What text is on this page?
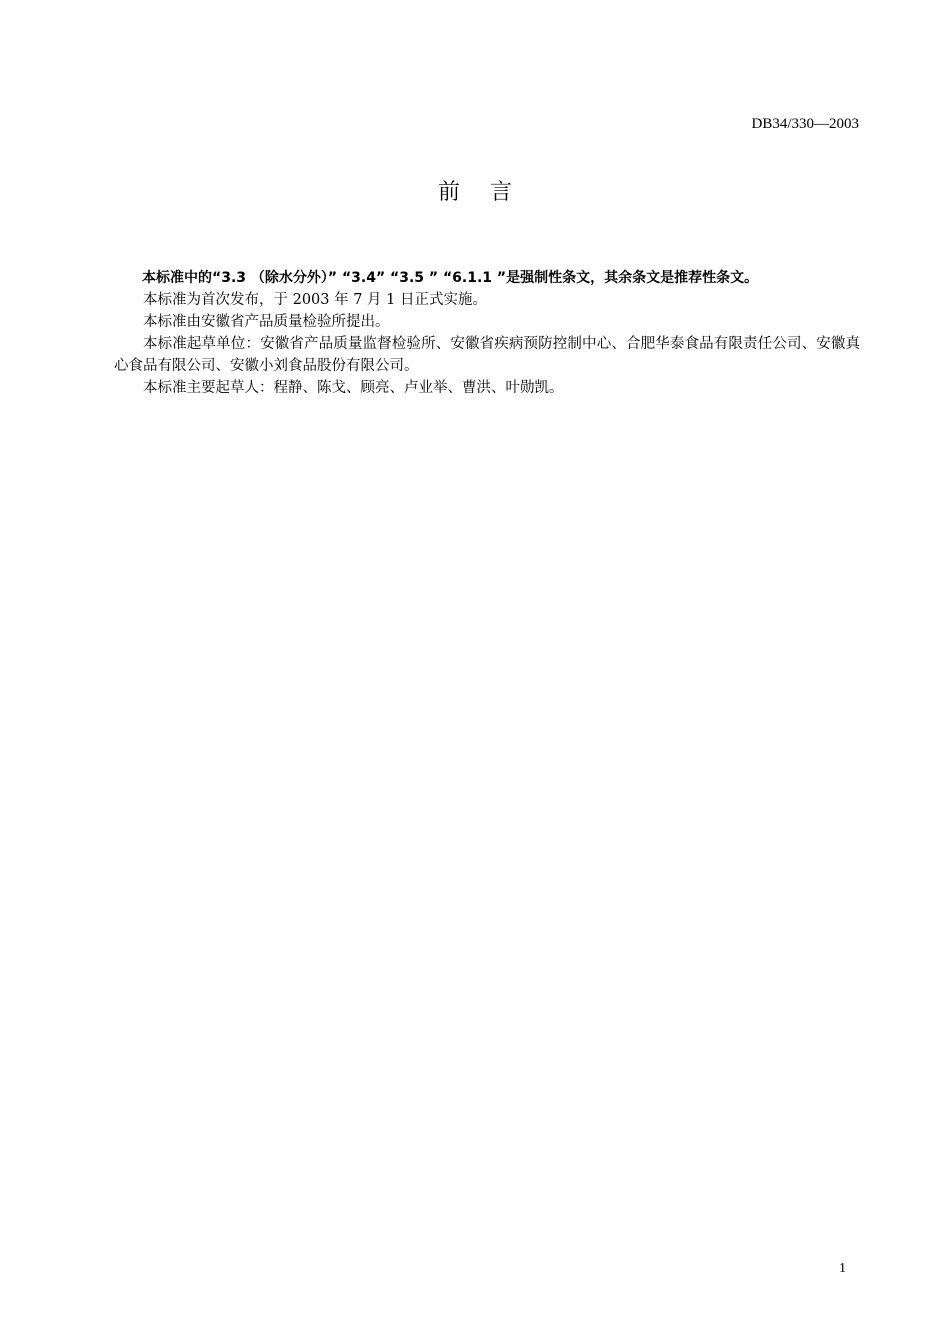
DB34/330—2003
前 言

本标准中的“3.3 （除水分外）” “3.4” “3.5 ” “6.1.1 ”是强制性条文，其余条文是推荐性条文。

本标准为首次发布，于 2003 年 7 月 1 日正式实施。

本标准由安徽省产品质量检验所提出。

本标准起草单位：安徽省产品质量监督检验所、安徽省疾病预防控制中心、合肥华泰食品有限责任公司、安徽真心食品有限公司、安徽小刘食品股份有限公司。

本标准主要起草人：程静、陈戈、顾亮、卢业举、曹洪、叶勋凯。

1
